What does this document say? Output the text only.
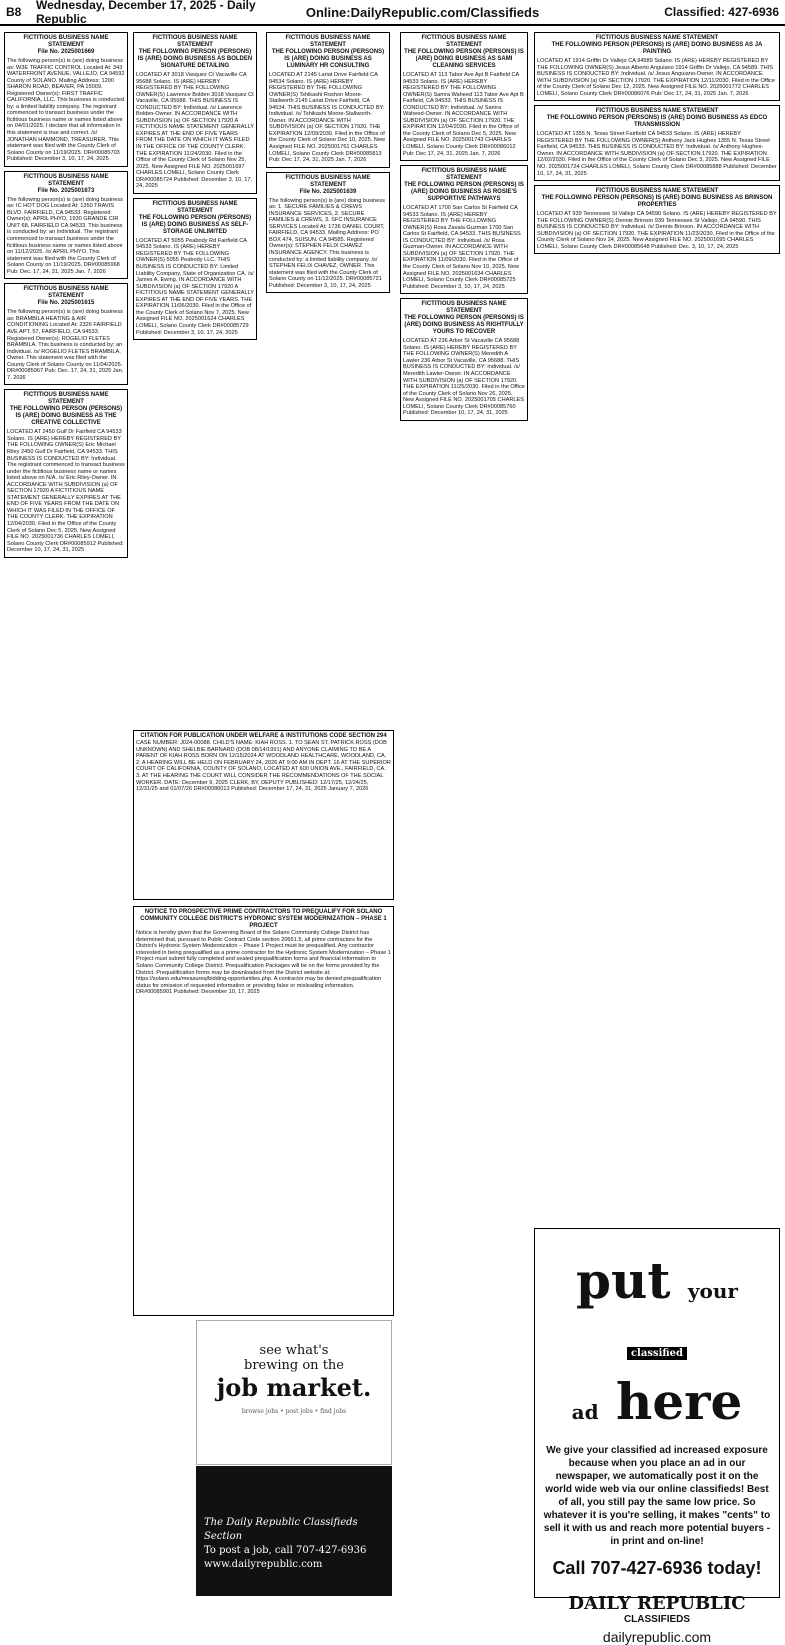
B8	Wednesday, December 17, 2025 - Daily Republic	Online:DailyRepublic.com/Classifieds	Classified: 427-6936
FICTITIOUS BUSINESS NAME STATEMENT
File No. 2025001669

The following person(s) is (are) doing business as: W3E TRAFFIC CONTROL Located At: 343 WATERFRONT AVENUE, VALLEJO, CA 94592 County of SOLANO. Mailing Address: 1200 SHARON ROAD, BEAVER, PA 15009. Registered Owner(s): FIRST TRAFFIC CALIFORNIA, LLC. This business is conducted by: a limited liability company. The registrant commenced to transact business under the fictitious business name or names listed above on 04/01/2025. I declare that all information in this statement is true and correct. /s/ JONATHAN HAMMOND, TREASURER. This statement was filed with the County Clerk of Solano County on 11/19/2025. DR#00085703 Published: December 3, 10, 17, 24, 2025

FICTITIOUS BUSINESS NAME STATEMENT
File No. 2025001673

The following person(s) is (are) doing business as: IC HOT DOG Located At: 1350 TRAVIS BLVD. FAIRFIELD, CA 94533. Registered Owner(s): APRIL PHYO, 1930 GRANDE CIR UNIT 68, FAIRFIELD CA 94533. This business is conducted by: an Individual. The registrant commenced to transact business under the fictitious business name or names listed above on 11/12/2025. /s/ APRIL PHYO. This statement was filed with the County Clerk of Solano County on 11/19/2025. DR#00085968 Pub: Dec. 17, 24, 31, 2025 Jan. 7, 2026

FICTITIOUS BUSINESS NAME STATEMENT
File No. 2025001615

The following person(s) is (are) doing business as: BRAMBILA HEATING & AIR CONDITIONING Located At: 2326 FAIRFIELD AVE APT. 57, FAIRFIELD, CA 94533. Registered Owner(s): ROGELIO FLETES BRAMBILA. This business is conducted by: an Individual. /s/ ROGELIO FLETES BRAMBILA, Owner. This statement was filed with the County Clerk of Solano County on 11/04/2025. DR#00085967 Pub: Dec. 17, 24, 31, 2025 Jan. 7, 2026

FICTITIOUS BUSINESS NAME STATEMENT
THE FOLLOWING PERSON (PERSONS) IS (ARE) DOING BUSINESS AS THE CREATIVE COLLECTIVE

LOCATED AT 2450 Gulf Dr Fairfield CA 94533 Solano. IS (ARE) HEREBY REGISTERED BY THE FOLLOWING OWNER(S) Eric Michael Riley 2450 Gulf Dr Fairfield, CA 94533. THIS BUSINESS IS CONDUCTED BY: Individual. The registrant commenced to transact business under the fictitious business name or names listed above on N/A. /s/ Eric Riley-Owner. IN ACCORDANCE WITH SUBDIVISION (a) OF SECTION 17920 A FICTITIOUS NAME STATEMENT GENERALLY EXPIRES AT THE END OF FIVE YEARS FROM THE DATE ON WHICH IT WAS FILED IN THE OFFICE OF THE COUNTY CLERK. THE EXPIRATION 12/04/2030. Filed in the Office of the County Clerk of Solano Dec 5, 2025. New Assigned FILE NO. 2025001736 CHARLES LOMELI, Solano County Clerk DR#00085912 Published: December 10, 17, 24, 31, 2025

FICTITIOUS BUSINESS NAME STATEMENT
THE FOLLOWING PERSON (PERSONS) IS (ARE) DOING BUSINESS AS BOLDEN SIGNATURE DETAILING

LOCATED AT 3018 Vasquez Ct Vacaville CA 95688 Solano. IS (ARE) HEREBY REGISTERED BY THE FOLLOWING OWNER(S) Lawrence Bolden 3018 Vasquez Ct Vacaville, CA 95688. THIS BUSINESS IS CONDUCTED BY: Individual. /s/ Lawrence Bolden-Owner. IN ACCORDANCE WITH SUBDIVISION (a) OF SECTION 17920 A FICTITIOUS NAME STATEMENT GENERALLY EXPIRES AT THE END OF FIVE YEARS FROM THE DATE ON WHICH IT WAS FILED IN THE OFFICE OF THE COUNTY CLERK. THE EXPIRATION 11/24/2030. Filed in the Office of the County Clerk of Solano Nov 25, 2025. New Assigned FILE NO. 2025001697 CHARLES LOMELI, Solano County Clerk DR#00085724 Published: December 3, 10, 17, 24, 2025

FICTITIOUS BUSINESS NAME STATEMENT
THE FOLLOWING PERSON (PERSONS) IS (ARE) DOING BUSINESS AS SELF-STORAGE UNLIMITED

LOCATED AT 5055 Peabody Rd Fairfield CA 94533 Solano. IS (ARE) HEREBY REGISTERED BY THE FOLLOWING OWNER(S) 5055 Peabody LLC. THIS BUSINESS IS CONDUCTED BY: Limited Liability Company, State of Organization CA. /s/ James A. Ewing. IN ACCORDANCE WITH SUBDIVISION (a) OF SECTION 17920 A FICTITIOUS NAME STATEMENT GENERALLY EXPIRES AT THE END OF FIVE YEARS. THE EXPIRATION 11/06/2030. Filed in the Office of the County Clerk of Solano Nov 7, 2025. New Assigned FILE NO. 2025001624 CHARLES LOMELI, Solano County Clerk DR#00085729 Published: December 3, 10, 17, 24, 2025

FICTITIOUS BUSINESS NAME STATEMENT
THE FOLLOWING PERSON (PERSONS) IS (ARE) DOING BUSINESS AS LUMINARY HR CONSULTING

LOCATED AT 2145 Lariat Drive Fairfield CA 94534 Solano. IS (ARE) HEREBY REGISTERED BY THE FOLLOWING OWNER(S) Tshikashi Roshon Moore-Stallworth 2145 Lariat Drive Fairfield, CA 94534. THIS BUSINESS IS CONDUCTED BY: Individual. /s/ Tshikashi Moore-Stallworth-Owner. IN ACCORDANCE WITH SUBDIVISION (a) OF SECTION 17920. THE EXPIRATION 12/09/2030. Filed in the Office of the County Clerk of Solano Dec 10, 2025. New Assigned FILE NO. 2025001761 CHARLES LOMELI, Solano County Clerk DR#00085813 Pub: Dec 17, 24, 31, 2025 Jan. 7, 2026

FICTITIOUS BUSINESS NAME STATEMENT
File No. 2025001639

The following person(s) is (are) doing business as: 1. SECURE FAMILIES & CREWS INSURANCE SERVICES, 2. SECURE FAMILIES & CREWS, 3. SFC INSURANCE SERVICES Located At: 1736 DANIEL COURT, FAIRFIELD, CA 94533. Mailing Address: PO BOX 474, SUISUN, CA 94585. Registered Owner(s): STEPHEN FELIX CHAVEZ INSURANCE AGENCY. This business is conducted by: a limited liability company. /s/ STEPHEN FELIX CHAVEZ, OWNER. This statement was filed with the County Clerk of Solano County on 11/12/2025. DR#00085721 Published: December 3, 10, 17, 24, 2025

FICTITIOUS BUSINESS NAME STATEMENT
THE FOLLOWING PERSON (PERSONS) IS (ARE) DOING BUSINESS AS SAMI CLEANING SERVICES

LOCATED AT 113 Tabor Ave Apt B Fairfield CA 94533 Solano. IS (ARE) HEREBY REGISTERED BY THE FOLLOWING OWNER(S) Samra Waheed 113 Tabor Ave Apt B Fairfield, CA 94533. THIS BUSINESS IS CONDUCTED BY: Individual. /s/ Samra Waheed-Owner. IN ACCORDANCE WITH SUBDIVISION (a) OF SECTION 17920. THE EXPIRATION 12/04/2030. Filed in the Office of the County Clerk of Solano Dec 5, 2025. New Assigned FILE NO. 2025001743 CHARLES LOMELI, Solano County Clerk DR#00086012 Pub: Dec 17, 24, 31, 2025 Jan. 7, 2026

FICTITIOUS BUSINESS NAME STATEMENT
THE FOLLOWING PERSON (PERSONS) IS (ARE) DOING BUSINESS AS ROSIE'S SUPPORTIVE PATHWAYS

LOCATED AT 1700 San Carlos St Fairfield CA 94533 Solano. IS (ARE) HEREBY REGISTERED BY THE FOLLOWING OWNER(S) Rosa Zavala Guzman 1700 San Carlos St Fairfield, CA 94533. THIS BUSINESS IS CONDUCTED BY: Individual. /s/ Rosa Guzman-Owner. IN ACCORDANCE WITH SUBDIVISION (a) OF SECTION 17920. THE EXPIRATION 11/09/2030. Filed in the Office of the County Clerk of Solano Nov 10, 2025. New Assigned FILE NO. 2025001634 CHARLES LOMELI, Solano County Clerk DR#00085725 Published: December 3, 10, 17, 24, 2025

FICTITIOUS BUSINESS NAME STATEMENT
THE FOLLOWING PERSON (PERSONS) IS (ARE) DOING BUSINESS AS RIGHTFULLY YOURS TO RECOVER

LOCATED AT 236 Arbor St Vacaville CA 95688 Solano. IS (ARE) HEREBY REGISTERED BY THE FOLLOWING OWNER(S) Meredith A Lawler 236 Arbor St Vacaville, CA 95688. THIS BUSINESS IS CONDUCTED BY: Individual. /s/ Meredith Lawler-Owner. IN ACCORDANCE WITH SUBDIVISION (a) OF SECTION 17920. THE EXPIRATION 11/25/2030. Filed in the Office of the County Clerk of Solano Nov 26, 2025. New Assigned FILE NO. 2025001705 CHARLES LOMELI, Solano County Clerk DR#00085760 Published: December 10, 17, 24, 31, 2025

FICTITIOUS BUSINESS NAME STATEMENT
THE FOLLOWING PERSON (PERSONS) IS (ARE) DOING BUSINESS AS JA PAINTING

LOCATED AT 1914 Griffin Dr Vallejo CA 94589 Solano. IS (ARE) HEREBY REGISTERED BY THE FOLLOWING OWNER(S) Jesus Alberto Anguiano 1914 Griffin Dr Vallejo, CA 94589. THIS BUSINESS IS CONDUCTED BY: Individual. /s/ Jesus Anguiano-Owner. IN ACCORDANCE WITH SUBDIVISION (a) OF SECTION 17920. THE EXPIRATION 12/11/2030. Filed in the Office of the County Clerk of Solano Dec 12, 2025. New Assigned FILE NO. 2025001772 CHARLES LOMELI, Solano County Clerk DR#00086076 Pub: Dec 17, 24, 31, 2025 Jan. 7, 2026

FICTITIOUS BUSINESS NAME STATEMENT
THE FOLLOWING PERSON (PERSONS) IS (ARE) DOING BUSINESS AS EDCO TRANSMISSION

LOCATED AT 1355 N. Texas Street Fairfield CA 94533 Solano. IS (ARE) HEREBY REGISTERED BY THE FOLLOWING OWNER(S) Anthony Jack Hughes 1355 N. Texas Street Fairfield, CA 94533. THIS BUSINESS IS CONDUCTED BY: Individual. /s/ Anthony Hughes-Owner. IN ACCORDANCE WITH SUBDIVISION (a) OF SECTION 17920. THE EXPIRATION 12/02/2030. Filed in the Office of the County Clerk of Solano Dec 3, 2025. New Assigned FILE NO. 2025001724 CHARLES LOMELI, Solano County Clerk DR#00085888 Published: December 10, 17, 24, 31, 2025

FICTITIOUS BUSINESS NAME STATEMENT
THE FOLLOWING PERSON (PERSONS) IS (ARE) DOING BUSINESS AS BRINSON PROPERTIES

LOCATED AT 939 Tennessee St Vallejo CA 94590 Solano. IS (ARE) HEREBY REGISTERED BY THE FOLLOWING OWNER(S) Dennis Brinson 939 Tennessee St Vallejo, CA 94590. THIS BUSINESS IS CONDUCTED BY: Individual. /s/ Dennis Brinson. IN ACCORDANCE WITH SUBDIVISION (a) OF SECTION 17920. THE EXPIRATION 11/23/2030. Filed in the Office of the County Clerk of Solano Nov 24, 2025. New Assigned FILE NO. 2025001695 CHARLES LOMELI, Solano County Clerk DR#00085648 Published: Dec. 3, 10, 17, 24, 2025

CITATION FOR PUBLICATION UNDER WELFARE & INSTITUTIONS CODE SECTION 294

CASE NUMBER: J024-00088. CHILD'S NAME: KIAH ROSS. 1. TO SEAN ST. PATRICK ROSS (DOB UNKNOWN) AND SHELBIE BARNARD (DOB 08/14/1991) AND ANYONE CLAIMING TO BE A PARENT OF KIAH ROSS BORN ON 12/15/2024 AT WOODLAND HEALTHCARE, WOODLAND, CA. 2. A HEARING WILL BE HELD ON FEBRUARY 24, 2026 AT 9:00 AM IN DEPT. 16 AT THE SUPERIOR COURT OF CALIFORNIA, COUNTY OF SOLANO, LOCATED AT 600 UNION AVE., FAIRFIELD, CA. 3. AT THE HEARING THE COURT WILL CONSIDER THE RECOMMENDATIONS OF THE SOCIAL WORKER. DATE: December 9, 2025 CLERK, BY, DEPUTY PUBLISHED: 12/17/25, 12/24/25, 12/31/25 and 01/07/26 DR#00086013 Published: December 17, 24, 31, 2025 January 7, 2026

NOTICE TO PROSPECTIVE PRIME CONTRACTORS TO PREQUALIFY FOR SOLANO COMMUNITY COLLEGE DISTRICT'S HYDRONIC SYSTEM MODERNIZATION – PHASE 1 PROJECT

Notice is hereby given that the Governing Board of the Solano Community College District has determined that, pursuant to Public Contract Code section 20651.5, all prime contractors for the District's Hydronic System Modernization – Phase 1 Project must be prequalified. Any contractor interested in being prequalified as a prime contractor for the Hydronic System Modernization – Phase 1 Project must submit fully completed and sealed prequalification forms and financial information to Solano Community College District. Prequalification Packages will be on the forms provided by the District. Prequalification forms may be downloaded from the District website at: https://solano.edu/measureq/bidding-opportunities.php. A contractor may be denied prequalification status for omission of requested information or providing false or misleading information. DR#00085901 Published: December 10, 17, 2025

see what's
brewing on the
job market.
browse jobs • post jobs • find jobs
The Daily Republic Classifieds Section
To post a job, call 707-427-6936
www.dailyrepublic.com
put your
classified
ad here
We give your classified ad increased exposure because when you place an ad in our newspaper, we automatically post it on the world wide web via our online classifieds! Best of all, you still pay the same low price. So whatever it is you're selling, it makes "cents" to sell it with us and reach more potential buyers - in print and on-line!
Call 707-427-6936 today!
DAILY REPUBLIC
CLASSIFIEDS
dailyrepublic.com
